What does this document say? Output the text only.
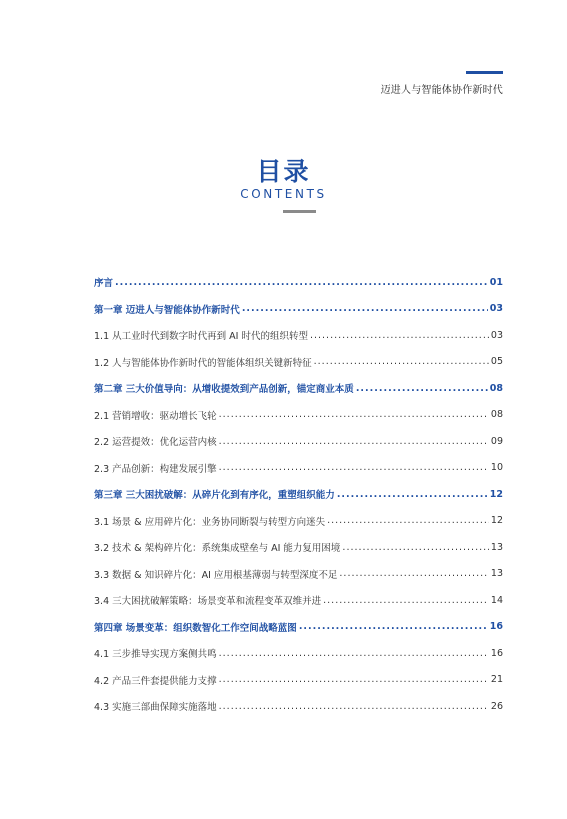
迈进人与智能体协作新时代
目录
CONTENTS
序言 .....	01
第一章 迈进人与智能体协作新时代 .....	03
1.1 从工业时代到数字时代再到 AI 时代的组织转型 .....	03
1.2 人与智能体协作新时代的智能体组织关键新特征 .....	05
第二章 三大价值导向：从增收提效到产品创新，锚定商业本质 .....	08
2.1 营销增收：驱动增长飞轮 .....	08
2.2 运营提效：优化运营内核 .....	09
2.3 产品创新：构建发展引擎 .....	10
第三章 三大困扰破解：从碎片化到有序化，重塑组织能力 .....	12
3.1 场景 & 应用碎片化：业务协同断裂与转型方向迷失 .....	12
3.2 技术 & 架构碎片化：系统集成壁垒与 AI 能力复用困境 .....	13
3.3 数据 & 知识碎片化：AI 应用根基薄弱与转型深度不足 .....	13
3.4 三大困扰破解策略：场景变革和流程变革双维并进 .....	14
第四章 场景变革：组织数智化工作空间战略蓝图 .....	16
4.1 三步推导实现方案侧共鸣 .....	16
4.2 产品三件套提供能力支撑 .....	21
4.3 实施三部曲保障实施落地 .....	26
